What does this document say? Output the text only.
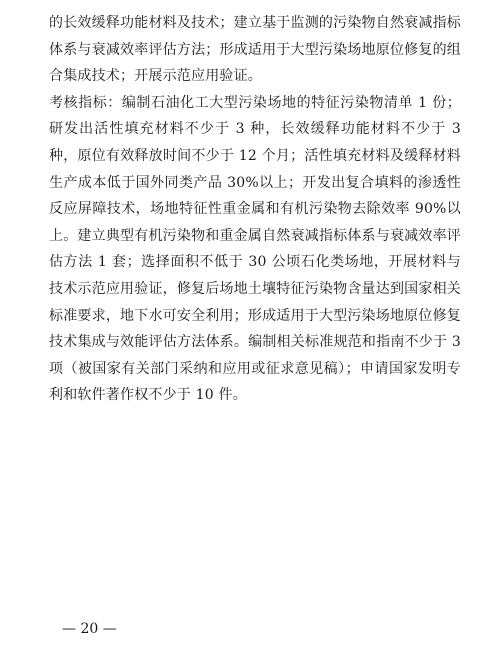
的长效缓释功能材料及技术；建立基于监测的污染物自然衰减指标体系与衰减效率评估方法；形成适用于大型污染场地原位修复的组合集成技术；开展示范应用验证。

考核指标：编制石油化工大型污染场地的特征污染物清单 1 份；研发出活性填充材料不少于 3 种，长效缓释功能材料不少于 3 种，原位有效释放时间不少于 12 个月；活性填充材料及缓释材料生产成本低于国外同类产品 30%以上；开发出复合填料的渗透性反应屏障技术，场地特征性重金属和有机污染物去除效率 90%以上。建立典型有机污染物和重金属自然衰减指标体系与衰减效率评估方法 1 套；选择面积不低于 30 公顷石化类场地，开展材料与技术示范应用验证，修复后场地土壤特征污染物含量达到国家相关标准要求，地下水可安全利用；形成适用于大型污染场地原位修复技术集成与效能评估方法体系。编制相关标准规范和指南不少于 3 项（被国家有关部门采纳和应用或征求意见稿）；申请国家发明专利和软件著作权不少于 10 件。

— 20 —
